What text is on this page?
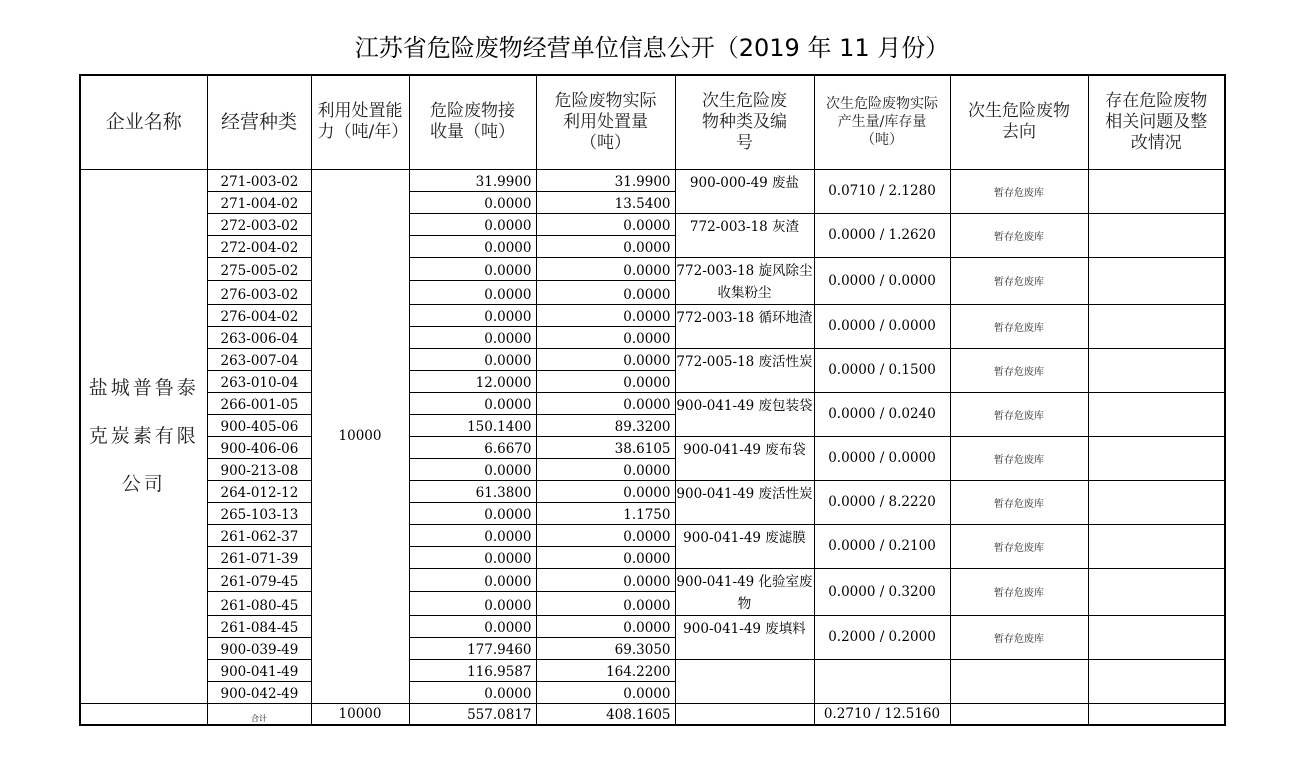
江苏省危险废物经营单位信息公开（2019 年 11 月份）
企业名称	经营种类	利用处置能力（吨/年）	危险废物接收量（吨）	危险废物实际利用处置量（吨）	次生危险废物种类及编号	次生危险废物实际产生量/库存量（吨）	次生危险废物去向	存在危险废物相关问题及整改情况
盐城普鲁泰克炭素有限公司	271-003-02	10000	31.9900	31.9900	900-000-49 废盐	0.0710 / 2.1280	暂存危废库	
	271-004-02		0.0000	13.5400				
	272-003-02		0.0000	0.0000	772-003-18 灰渣	0.0000 / 1.2620	暂存危废库	
	272-004-02		0.0000	0.0000				
	275-005-02		0.0000	0.0000	772-003-18 旋风除尘收集粉尘	0.0000 / 0.0000	暂存危废库	
	276-003-02		0.0000	0.0000				
	276-004-02		0.0000	0.0000	772-003-18 循环地渣	0.0000 / 0.0000	暂存危废库	
	263-006-04		0.0000	0.0000				
	263-007-04		0.0000	0.0000	772-005-18 废活性炭	0.0000 / 0.1500	暂存危废库	
	263-010-04		12.0000	0.0000				
	266-001-05		0.0000	0.0000	900-041-49 废包装袋	0.0000 / 0.0240	暂存危废库	
	900-405-06		150.1400	89.3200				
	900-406-06		6.6670	38.6105	900-041-49 废布袋	0.0000 / 0.0000	暂存危废库	
	900-213-08		0.0000	0.0000				
	264-012-12		61.3800	0.0000	900-041-49 废活性炭	0.0000 / 8.2220	暂存危废库	
	265-103-13		0.0000	1.1750				
	261-062-37		0.0000	0.0000	900-041-49 废滤膜	0.0000 / 0.2100	暂存危废库	
	261-071-39		0.0000	0.0000				
	261-079-45		0.0000	0.0000	900-041-49 化验室废物	0.0000 / 0.3200	暂存危废库	
	261-080-45		0.0000	0.0000				
	261-084-45		0.0000	0.0000	900-041-49 废填料	0.2000 / 0.2000	暂存危废库	
	900-039-49		177.9460	69.3050				
	900-041-49		116.9587	164.2200				
	900-042-49		0.0000	0.0000				
	合计	10000	557.0817	408.1605		0.2710 / 12.5160		
